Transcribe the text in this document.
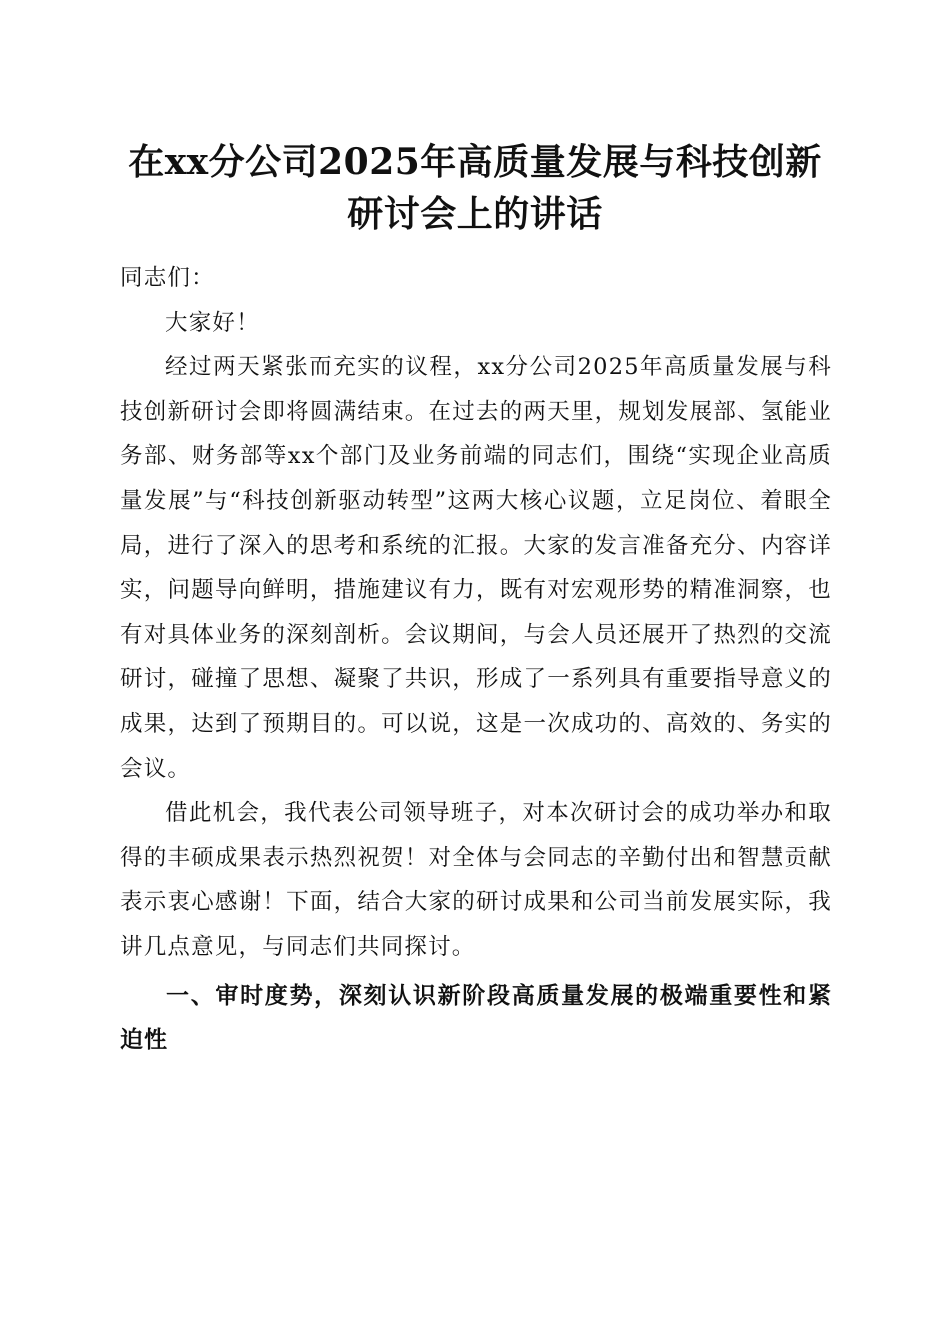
在xx分公司2025年高质量发展与科技创新研讨会上的讲话

同志们：

大家好！

经过两天紧张而充实的议程，xx分公司2025年高质量发展与科技创新研讨会即将圆满结束。在过去的两天里，规划发展部、氢能业务部、财务部等xx个部门及业务前端的同志们，围绕“实现企业高质量发展”与“科技创新驱动转型”这两大核心议题，立足岗位、着眼全局，进行了深入的思考和系统的汇报。大家的发言准备充分、内容详实，问题导向鲜明，措施建议有力，既有对宏观形势的精准洞察，也有对具体业务的深刻剖析。会议期间，与会人员还展开了热烈的交流研讨，碰撞了思想、凝聚了共识，形成了一系列具有重要指导意义的成果，达到了预期目的。可以说，这是一次成功的、高效的、务实的会议。

借此机会，我代表公司领导班子，对本次研讨会的成功举办和取得的丰硕成果表示热烈祝贺！对全体与会同志的辛勤付出和智慧贡献表示衷心感谢！下面，结合大家的研讨成果和公司当前发展实际，我讲几点意见，与同志们共同探讨。

一、审时度势，深刻认识新阶段高质量发展的极端重要性和紧迫性
